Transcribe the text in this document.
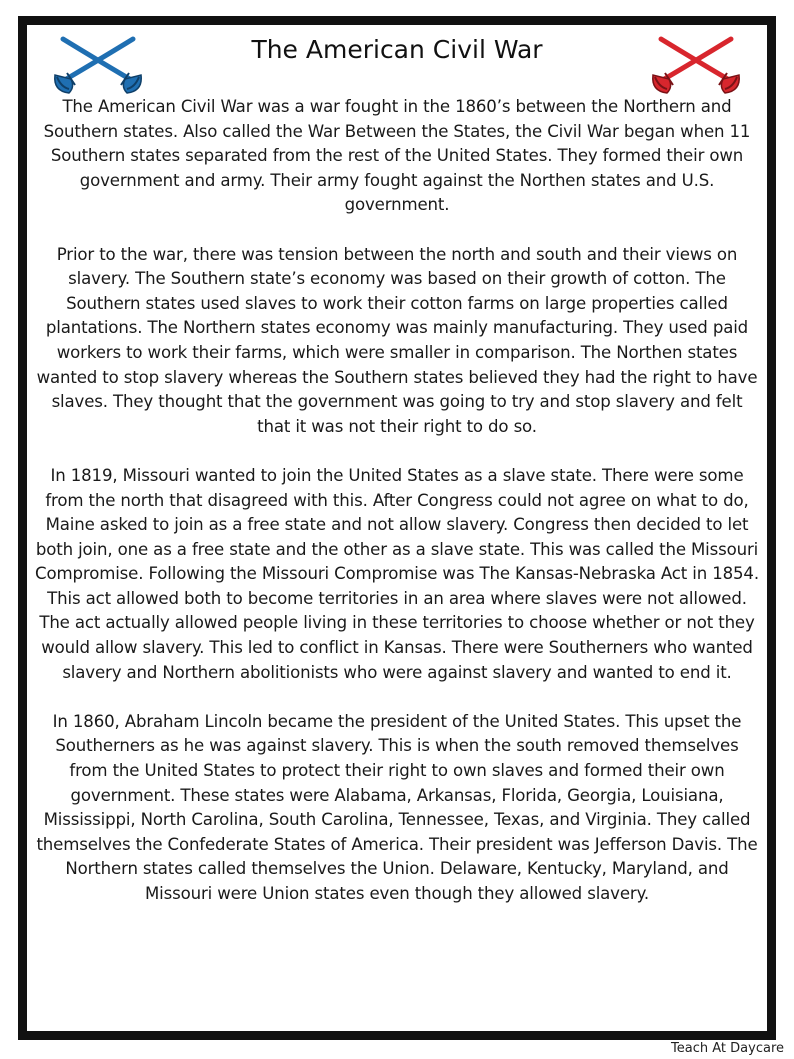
The American Civil War

The American Civil War was a war fought in the 1860’s between the Northern and Southern states. Also called the War Between the States, the Civil War began when 11 Southern states separated from the rest of the United States. They formed their own government and army. Their army fought against the Northen states and U.S. government.

Prior to the war, there was tension between the north and south and their views on slavery. The Southern state’s economy was based on their growth of cotton. The Southern states used slaves to work their cotton farms on large properties called plantations. The Northern states economy was mainly manufacturing. They used paid workers to work their farms, which were smaller in comparison. The Northen states wanted to stop slavery whereas the Southern states believed they had the right to have slaves. They thought that the government was going to try and stop slavery and felt that it was not their right to do so.

In 1819, Missouri wanted to join the United States as a slave state. There were some from the north that disagreed with this. After Congress could not agree on what to do, Maine asked to join as a free state and not allow slavery. Congress then decided to let both join, one as a free state and the other as a slave state. This was called the Missouri Compromise. Following the Missouri Compromise was The Kansas-Nebraska Act in 1854. This act allowed both to become territories in an area where slaves were not allowed. The act actually allowed people living in these territories to choose whether or not they would allow slavery. This led to conflict in Kansas. There were Southerners who wanted slavery and Northern abolitionists who were against slavery and wanted to end it.

In 1860, Abraham Lincoln became the president of the United States. This upset the Southerners as he was against slavery. This is when the south removed themselves from the United States to protect their right to own slaves and formed their own government. These states were Alabama, Arkansas, Florida, Georgia, Louisiana, Mississippi, North Carolina, South Carolina, Tennessee, Texas, and Virginia. They called themselves the Confederate States of America. Their president was Jefferson Davis. The Northern states called themselves the Union. Delaware, Kentucky, Maryland, and Missouri were Union states even though they allowed slavery.

Teach At Daycare
